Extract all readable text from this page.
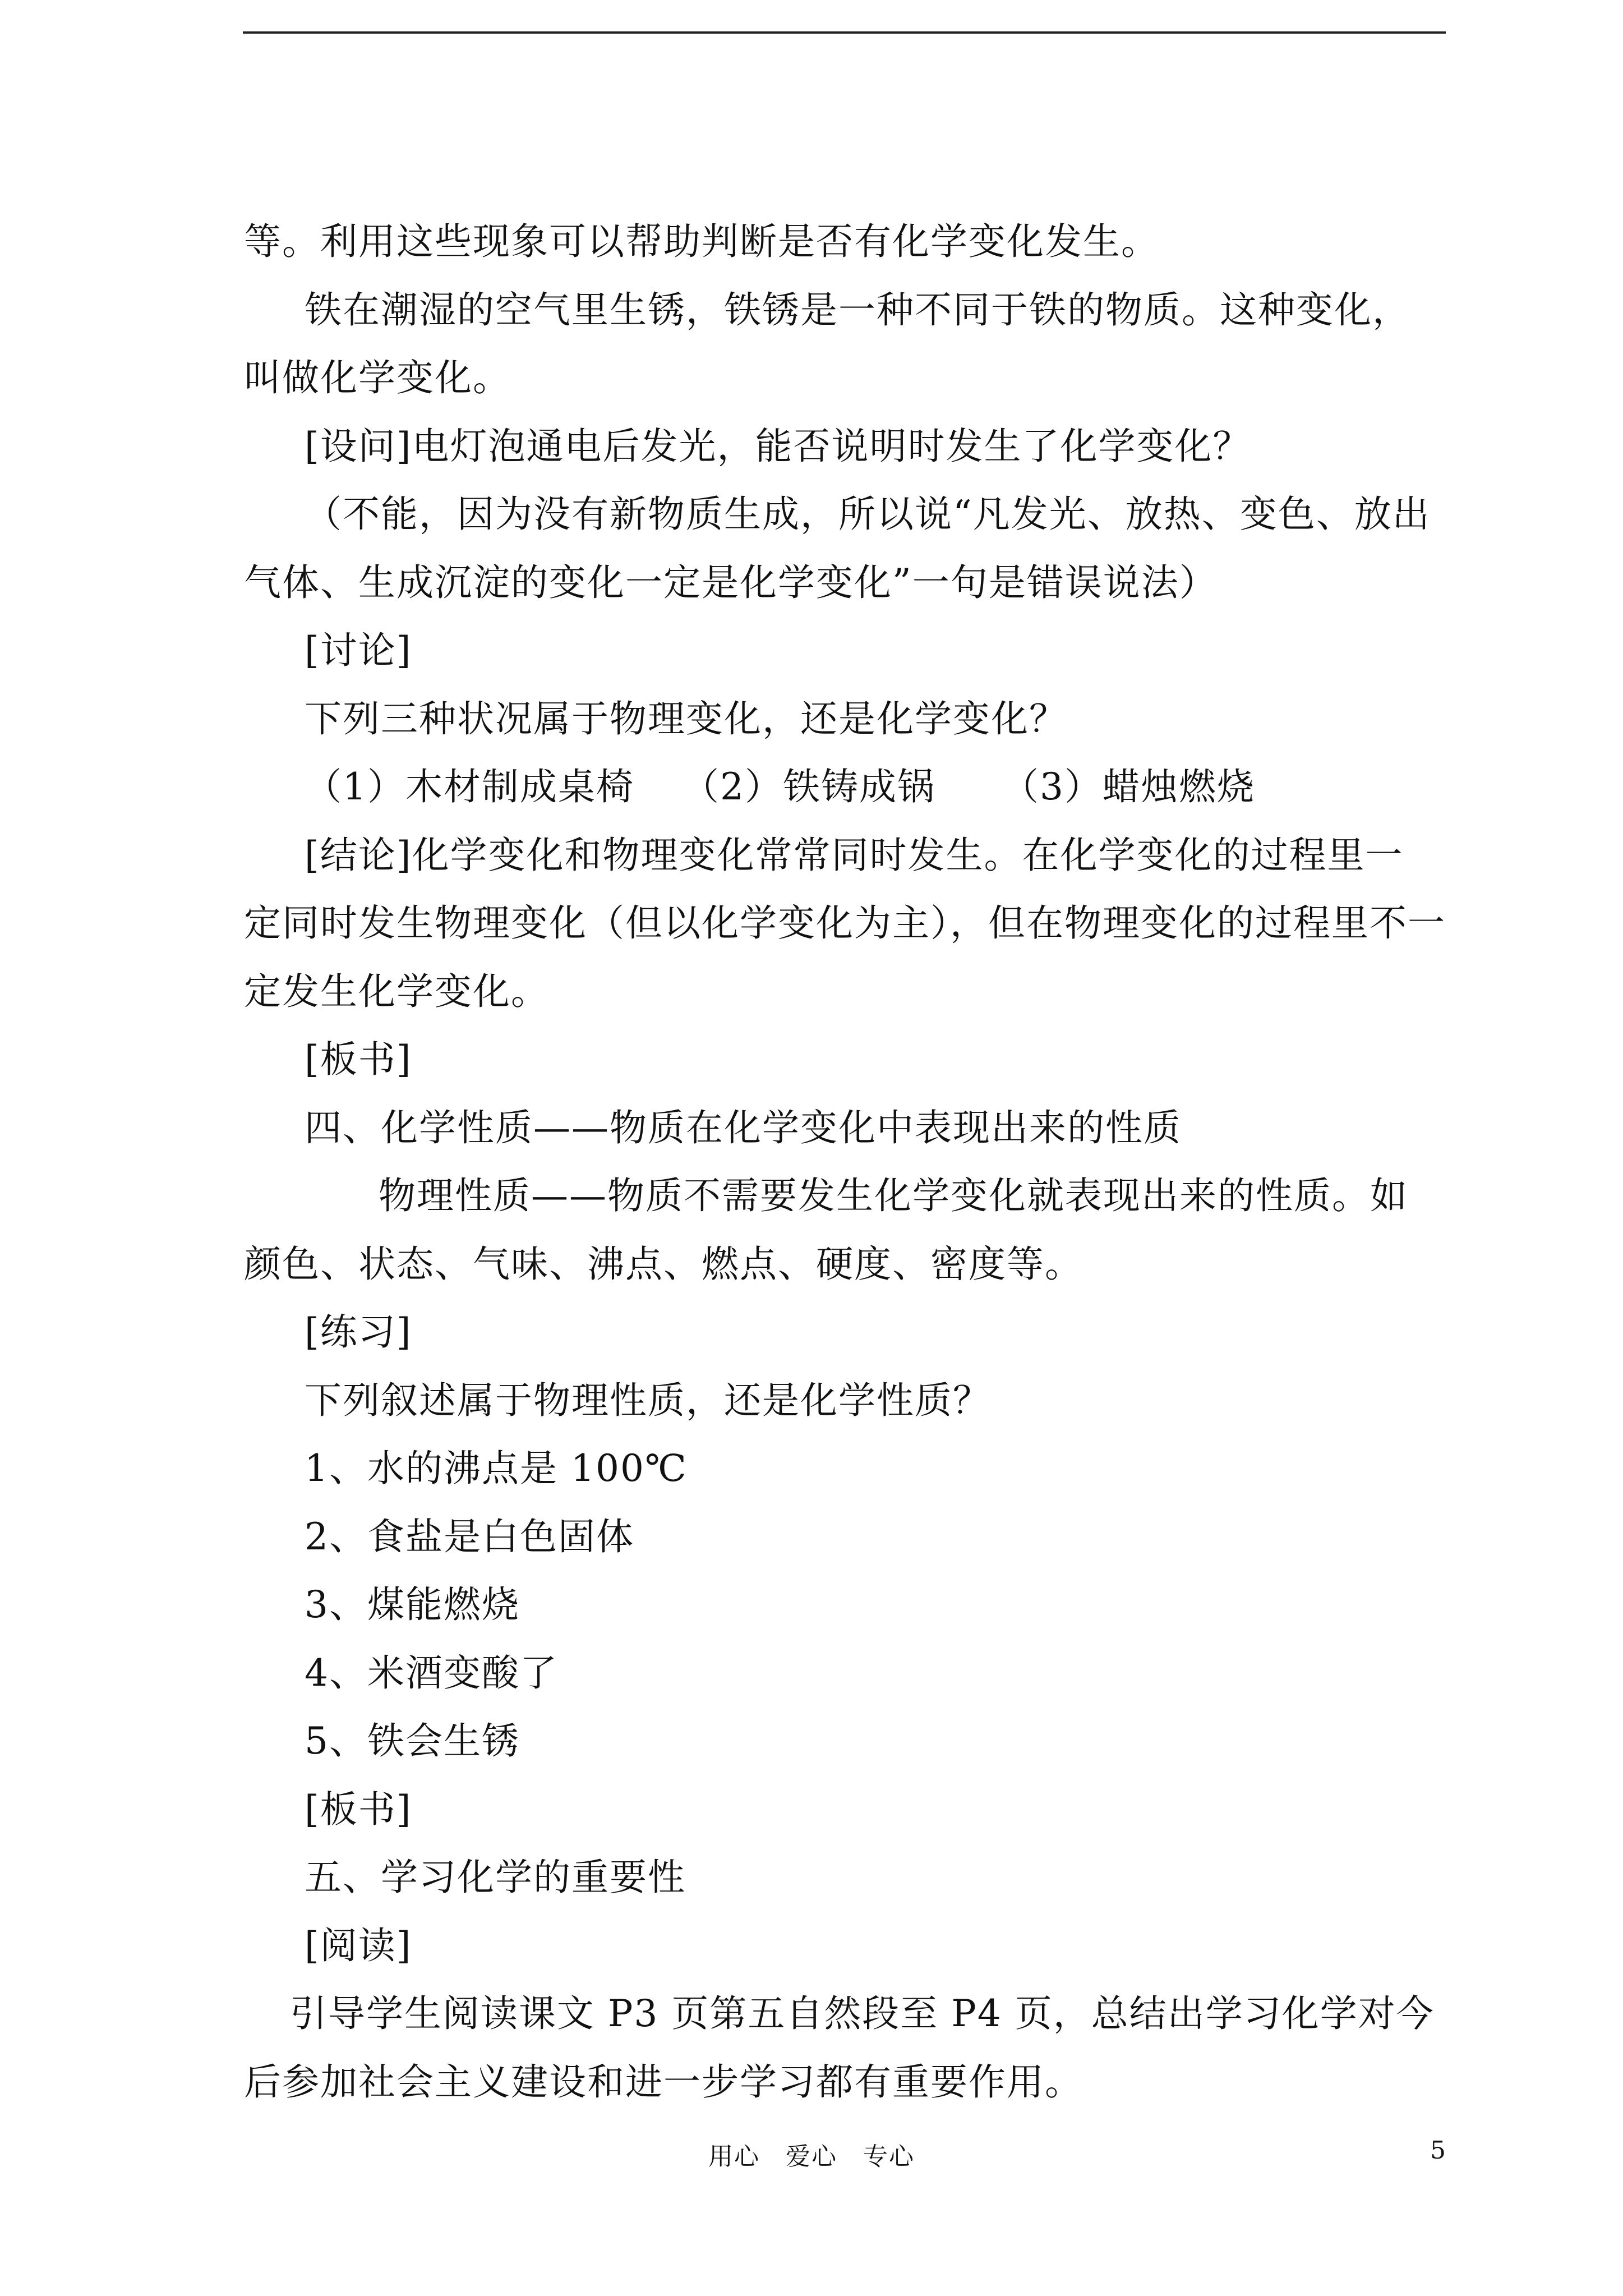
等。利用这些现象可以帮助判断是否有化学变化发生。
铁在潮湿的空气里生锈，铁锈是一种不同于铁的物质。这种变化，
叫做化学变化。
[设问]电灯泡通电后发光，能否说明时发生了化学变化？
（不能，因为没有新物质生成，所以说“凡发光、放热、变色、放出
气体、生成沉淀的变化一定是化学变化”一句是错误说法）
[讨论]
下列三种状况属于物理变化，还是化学变化？
（1）木材制成桌椅 （2）铁铸成锅 （3）蜡烛燃烧
[结论]化学变化和物理变化常常同时发生。在化学变化的过程里一
定同时发生物理变化（但以化学变化为主），但在物理变化的过程里不一
定发生化学变化。
[板书]
四、化学性质——物质在化学变化中表现出来的性质
物理性质——物质不需要发生化学变化就表现出来的性质。如
颜色、状态、气味、沸点、燃点、硬度、密度等。
[练习]
下列叙述属于物理性质，还是化学性质？
1、水的沸点是 100℃
2、食盐是白色固体
3、煤能燃烧
4、米酒变酸了
5、铁会生锈
[板书]
五、学习化学的重要性
[阅读]
引导学生阅读课文 P3 页第五自然段至 P4 页，总结出学习化学对今
后参加社会主义建设和进一步学习都有重要作用。
用心　爱心　专心	5
